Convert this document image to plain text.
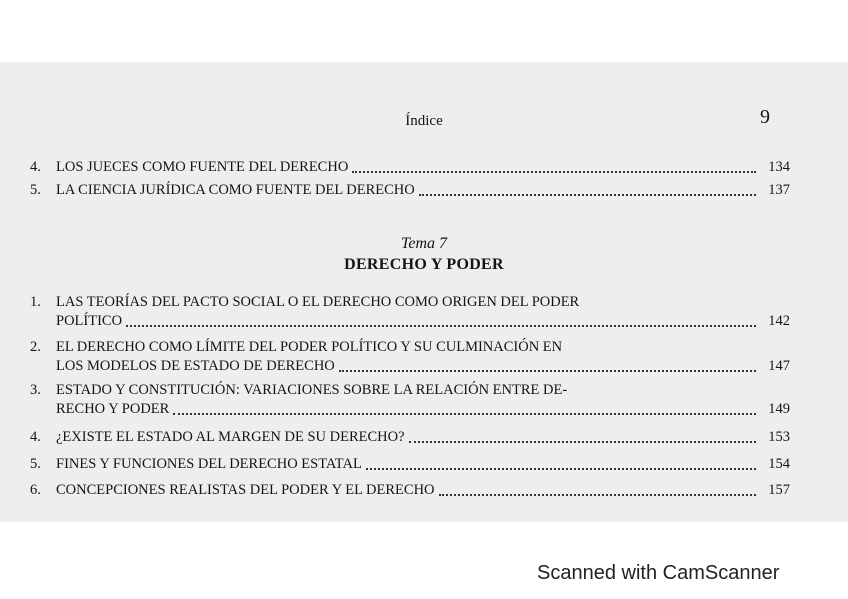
Índice	9
4.	LOS JUECES COMO FUENTE DEL DERECHO	134
5.	LA CIENCIA JURÍDICA COMO FUENTE DEL DERECHO	137
Tema 7
DERECHO Y PODER
1.	LAS TEORÍAS DEL PACTO SOCIAL O EL DERECHO COMO ORIGEN DEL PODER
POLÍTICO	142
2.	EL DERECHO COMO LÍMITE DEL PODER POLÍTICO Y SU CULMINACIÓN EN
LOS MODELOS DE ESTADO DE DERECHO	147
3.	ESTADO Y CONSTITUCIÓN: VARIACIONES SOBRE LA RELACIÓN ENTRE DE-
RECHO Y PODER	149
4.	¿EXISTE EL ESTADO AL MARGEN DE SU DERECHO?	153
5.	FINES Y FUNCIONES DEL DERECHO ESTATAL	154
6.	CONCEPCIONES REALISTAS DEL PODER Y EL DERECHO	157
Scanned with CamScanner
